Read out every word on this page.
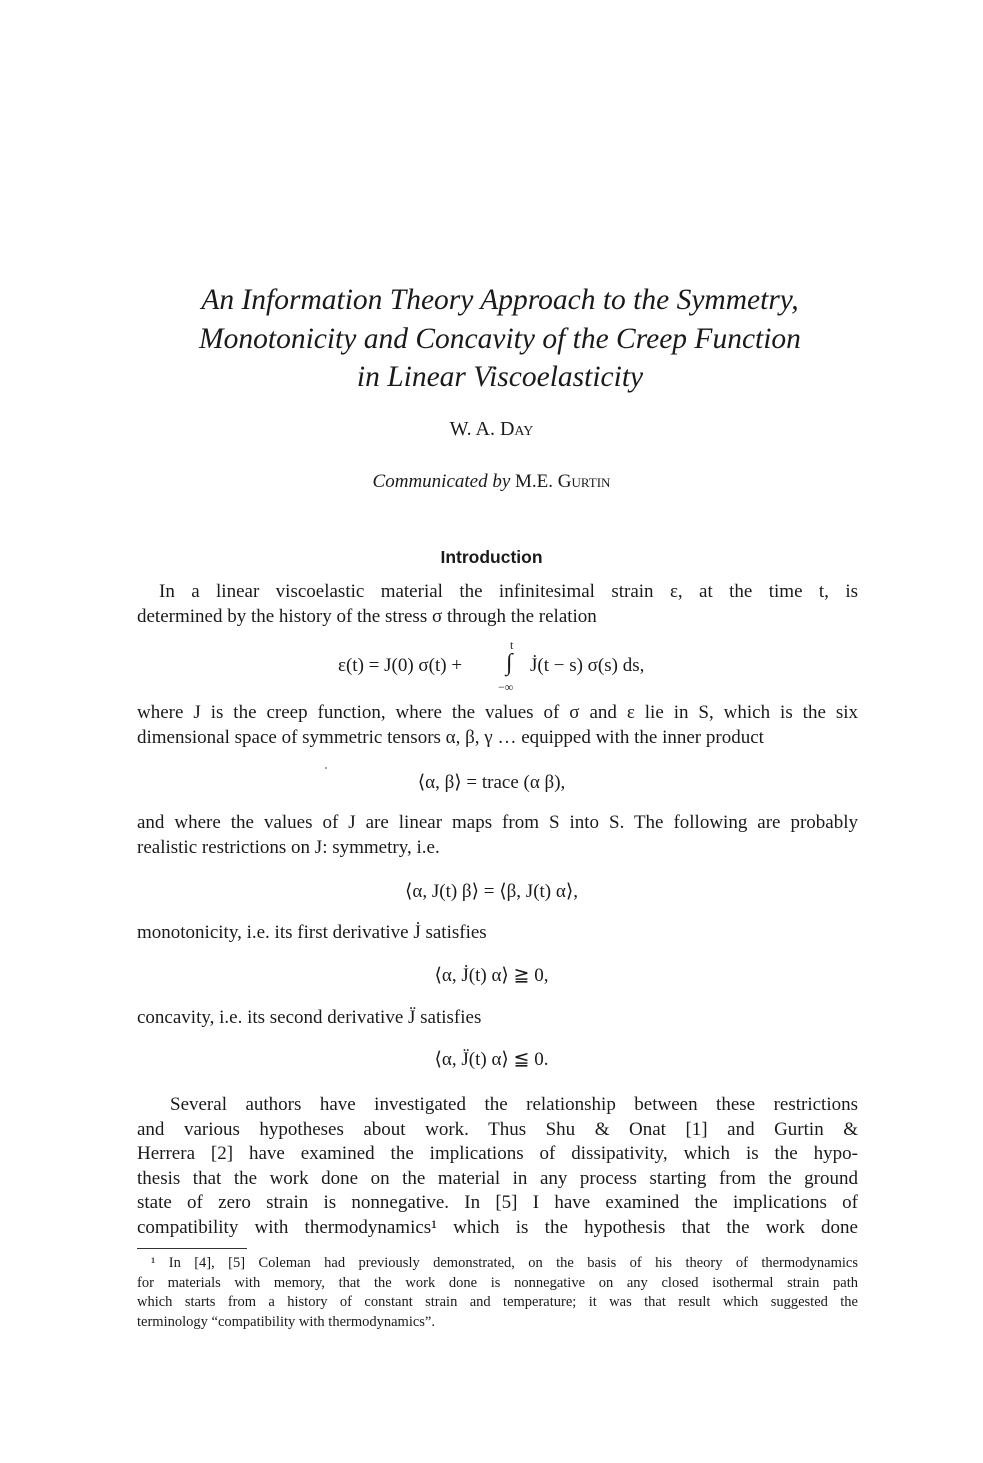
An Information Theory Approach to the Symmetry,
Monotonicity and Concavity of the Creep Function
in Linear Viscoelasticity
W. A. Day
Communicated by M.E. Gurtin
Introduction
In a linear viscoelastic material the infinitesimal strain ε, at the time t, is
determined by the history of the stress σ through the relation
ε(t) = J(0) σ(t) +
t
∫
−∞
J̇(t − s) σ(s) ds,
where J is the creep function, where the values of σ and ε lie in S, which is the six
dimensional space of symmetric tensors α, β, γ … equipped with the inner product
⟨α, β⟩ = trace (α β),
and where the values of J are linear maps from S into S. The following are probably
realistic restrictions on J: symmetry, i.e.
⟨α, J(t) β⟩ = ⟨β, J(t) α⟩,
monotonicity, i.e. its first derivative J̇ satisfies
⟨α, J̇(t) α⟩ ≧ 0,
concavity, i.e. its second derivative J̈ satisfies
⟨α, J̈(t) α⟩ ≦ 0.
Several authors have investigated the relationship between these restrictions
and various hypotheses about work. Thus Shu & Onat [1] and Gurtin &
Herrera [2] have examined the implications of dissipativity, which is the hypo-
thesis that the work done on the material in any process starting from the ground
state of zero strain is nonnegative. In [5] I have examined the implications of
compatibility with thermodynamics¹ which is the hypothesis that the work done
¹ In [4], [5] Coleman had previously demonstrated, on the basis of his theory of thermodynamics
for materials with memory, that the work done is nonnegative on any closed isothermal strain path
which starts from a history of constant strain and temperature; it was that result which suggested the
terminology “compatibility with thermodynamics”.
